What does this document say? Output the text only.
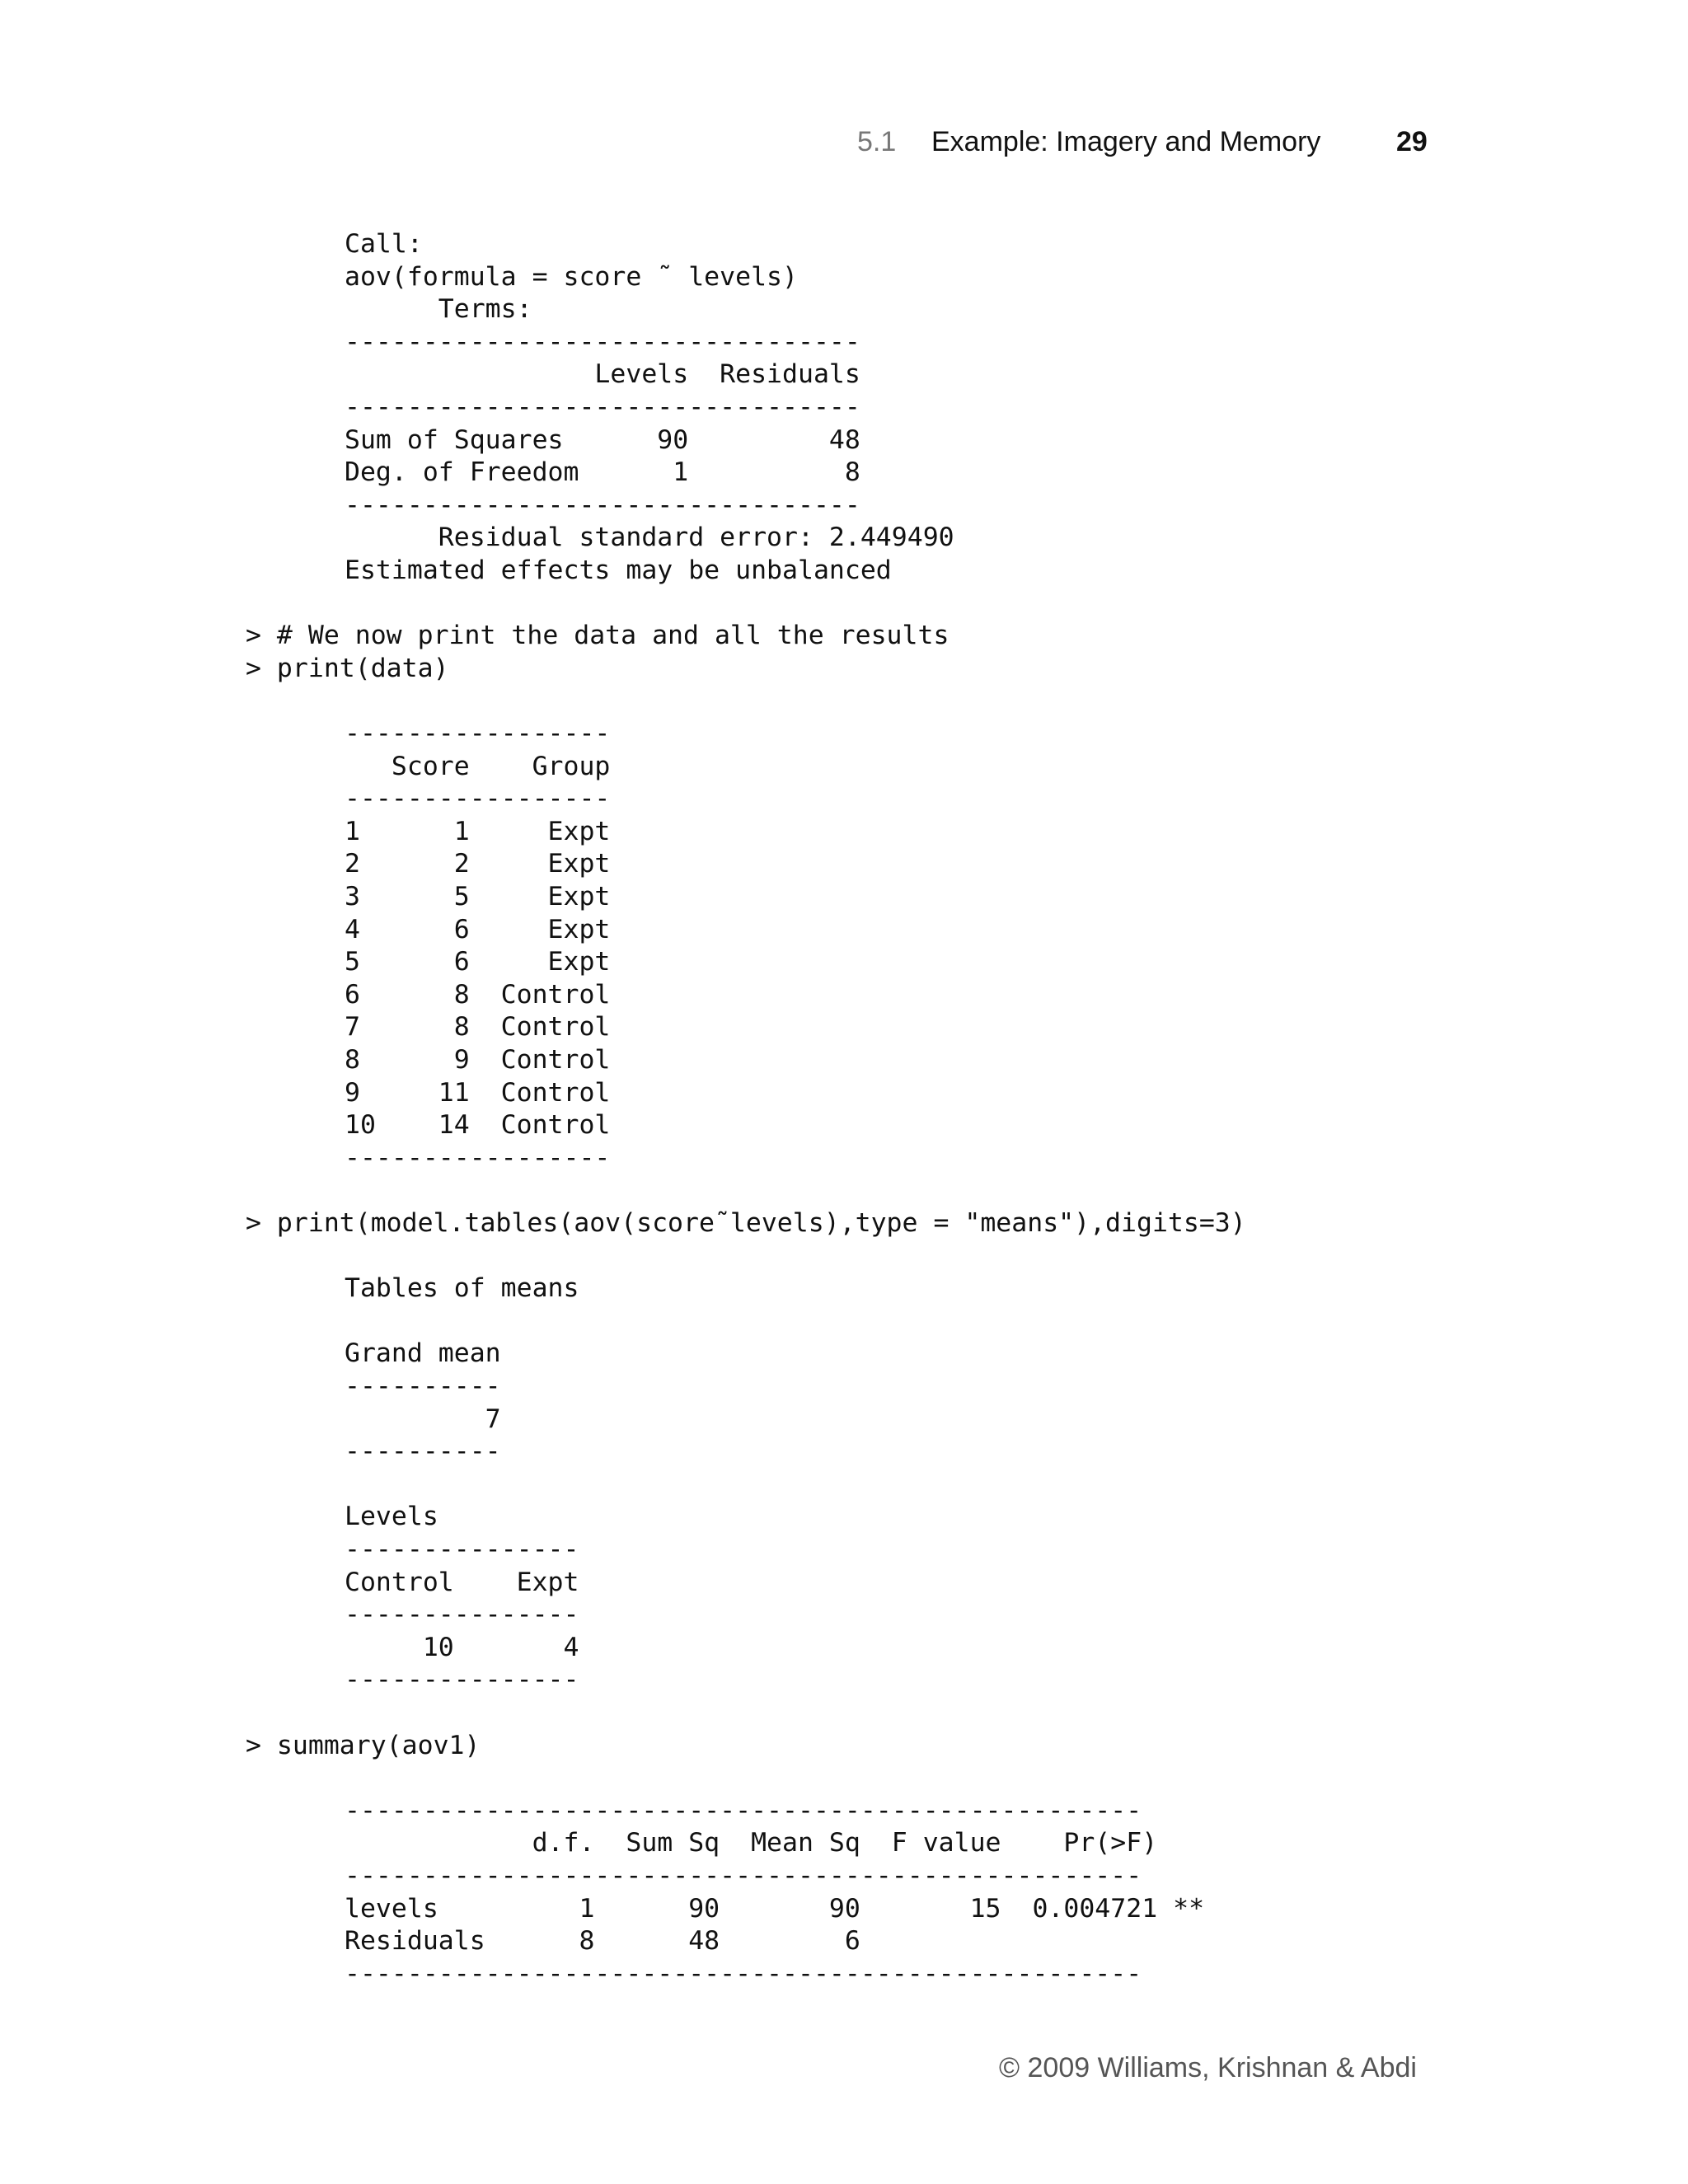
5.1 Example: Imagery and Memory	29
Call:
aov(formula = score ˜ levels)
Terms:
---------------------------------
Levels  Residuals
---------------------------------
Sum of Squares      90         48
Deg. of Freedom      1          8
---------------------------------
Residual standard error: 2.449490
Estimated effects may be unbalanced
> # We now print the data and all the results
> print(data)
-----------------
Score    Group
-----------------
1      1     Expt
2      2     Expt
3      5     Expt
4      6     Expt
5      6     Expt
6      8  Control
7      8  Control
8      9  Control
9     11  Control
10    14  Control
-----------------
> print(model.tables(aov(score˜levels),type = "means"),digits=3)
Tables of means
Grand mean
----------
7
----------
Levels
---------------
Control    Expt
---------------
10       4
---------------
> summary(aov1)
---------------------------------------------------
d.f.  Sum Sq  Mean Sq  F value    Pr(>F)
---------------------------------------------------
levels         1      90       90       15  0.004721 **
Residuals      8      48        6
---------------------------------------------------
© 2009 Williams, Krishnan & Abdi
